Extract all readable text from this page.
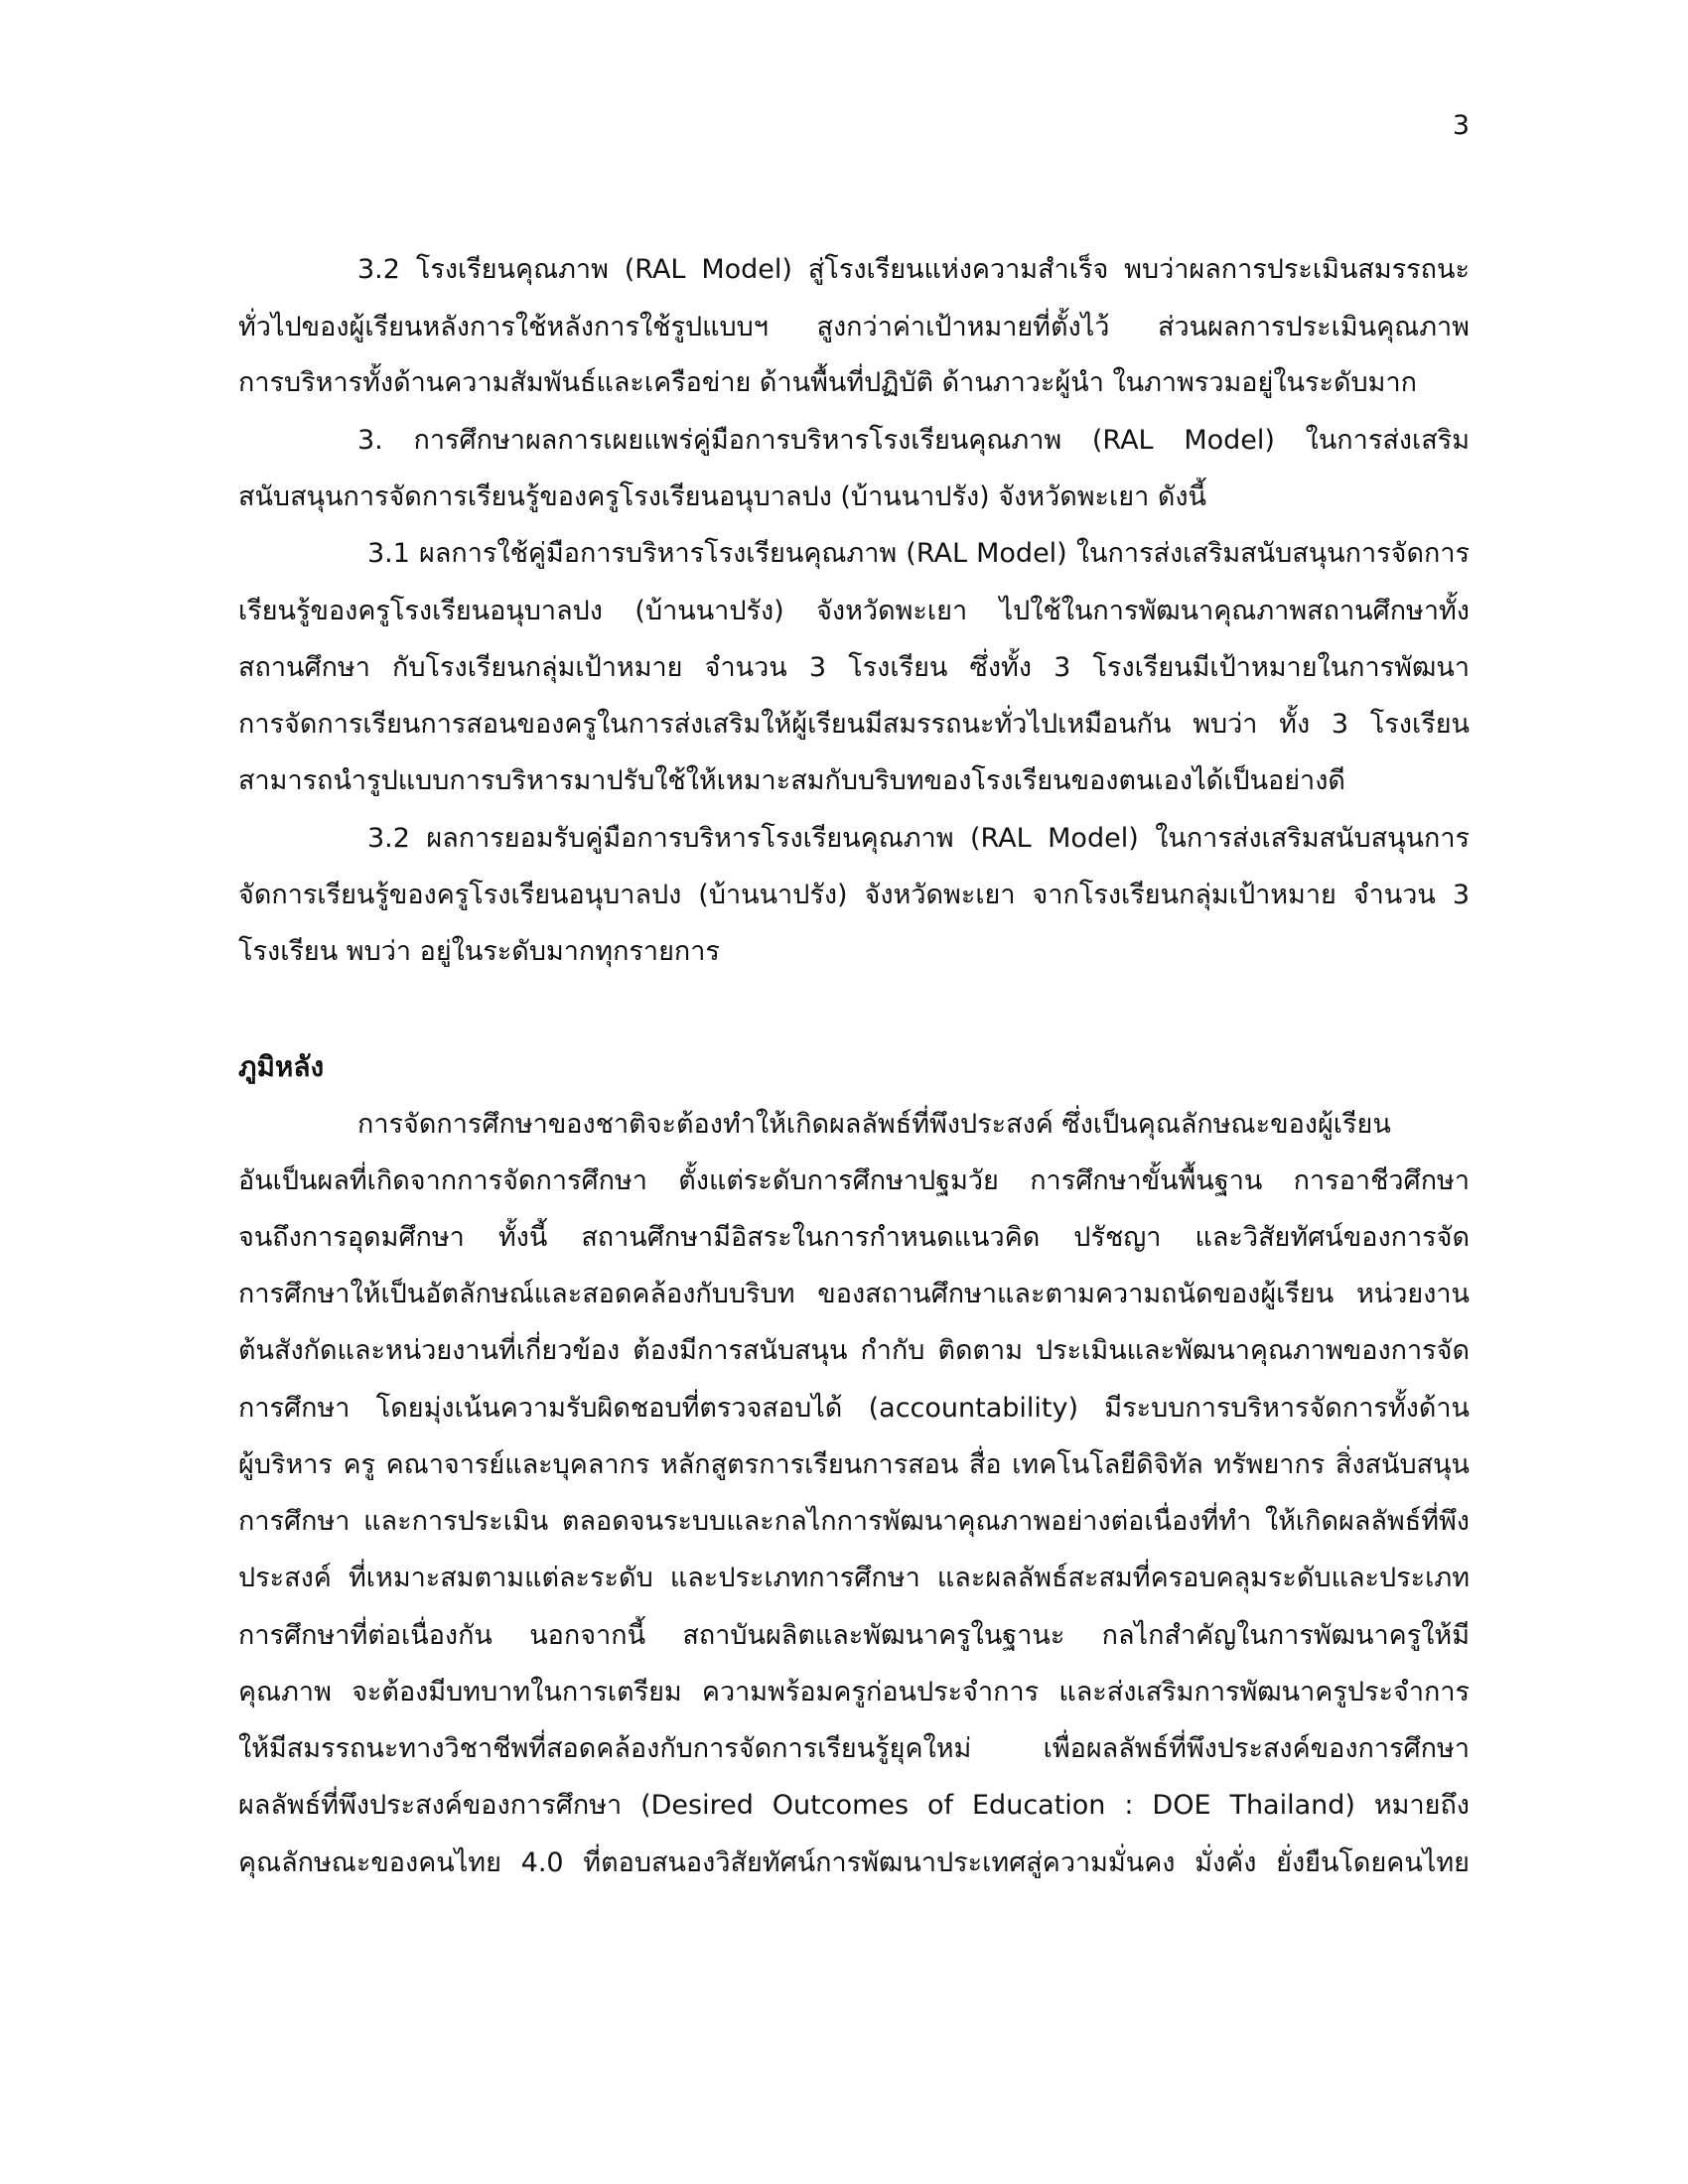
3
3.2 โรงเรียนคุณภาพ (RAL Model) สู่โรงเรียนแห่งความสำเร็จ พบว่าผลการประเมินสมรรถนะ
ทั่วไปของผู้เรียนหลังการใช้หลังการใช้รูปแบบฯ สูงกว่าค่าเป้าหมายที่ตั้งไว้ ส่วนผลการประเมินคุณภาพ
การบริหารทั้งด้านความสัมพันธ์และเครือข่าย ด้านพื้นที่ปฏิบัติ ด้านภาวะผู้นำ ในภาพรวมอยู่ในระดับมาก
3. การศึกษาผลการเผยแพร่คู่มือการบริหารโรงเรียนคุณภาพ (RAL Model) ในการส่งเสริม
สนับสนุนการจัดการเรียนรู้ของครูโรงเรียนอนุบาลปง (บ้านนาปรัง) จังหวัดพะเยา ดังนี้
3.1 ผลการใช้คู่มือการบริหารโรงเรียนคุณภาพ (RAL Model) ในการส่งเสริมสนับสนุนการจัดการ
เรียนรู้ของครูโรงเรียนอนุบาลปง (บ้านนาปรัง) จังหวัดพะเยา ไปใช้ในการพัฒนาคุณภาพสถานศึกษาทั้ง
สถานศึกษา กับโรงเรียนกลุ่มเป้าหมาย จำนวน 3 โรงเรียน ซึ่งทั้ง 3 โรงเรียนมีเป้าหมายในการพัฒนา
การจัดการเรียนการสอนของครูในการส่งเสริมให้ผู้เรียนมีสมรรถนะทั่วไปเหมือนกัน พบว่า ทั้ง 3 โรงเรียน
สามารถนำรูปแบบการบริหารมาปรับใช้ให้เหมาะสมกับบริบทของโรงเรียนของตนเองได้เป็นอย่างดี
3.2 ผลการยอมรับคู่มือการบริหารโรงเรียนคุณภาพ (RAL Model) ในการส่งเสริมสนับสนุนการ
จัดการเรียนรู้ของครูโรงเรียนอนุบาลปง (บ้านนาปรัง) จังหวัดพะเยา จากโรงเรียนกลุ่มเป้าหมาย จำนวน 3
โรงเรียน พบว่า อยู่ในระดับมากทุกรายการ
ภูมิหลัง
การจัดการศึกษาของชาติจะต้องทำให้เกิดผลลัพธ์ที่พึงประสงค์ ซึ่งเป็นคุณลักษณะของผู้เรียน
อันเป็นผลที่เกิดจากการจัดการศึกษา ตั้งแต่ระดับการศึกษาปฐมวัย การศึกษาขั้นพื้นฐาน การอาชีวศึกษา
จนถึงการอุดมศึกษา ทั้งนี้ สถานศึกษามีอิสระในการกำหนดแนวคิด ปรัชญา และวิสัยทัศน์ของการจัด
การศึกษาให้เป็นอัตลักษณ์และสอดคล้องกับบริบท ของสถานศึกษาและตามความถนัดของผู้เรียน หน่วยงาน
ต้นสังกัดและหน่วยงานที่เกี่ยวข้อง ต้องมีการสนับสนุน กำกับ ติดตาม ประเมินและพัฒนาคุณภาพของการจัด
การศึกษา โดยมุ่งเน้นความรับผิดชอบที่ตรวจสอบได้ (accountability) มีระบบการบริหารจัดการทั้งด้าน
ผู้บริหาร ครู คณาจารย์และบุคลากร หลักสูตรการเรียนการสอน สื่อ เทคโนโลยีดิจิทัล ทรัพยากร สิ่งสนับสนุน
การศึกษา และการประเมิน ตลอดจนระบบและกลไกการพัฒนาคุณภาพอย่างต่อเนื่องที่ทำ ให้เกิดผลลัพธ์ที่พึง
ประสงค์ ที่เหมาะสมตามแต่ละระดับ และประเภทการศึกษา และผลลัพธ์สะสมที่ครอบคลุมระดับและประเภท
การศึกษาที่ต่อเนื่องกัน นอกจากนี้ สถาบันผลิตและพัฒนาครูในฐานะ กลไกสำคัญในการพัฒนาครูให้มี
คุณภาพ จะต้องมีบทบาทในการเตรียม ความพร้อมครูก่อนประจำการ และส่งเสริมการพัฒนาครูประจำการ
ให้มีสมรรถนะทางวิชาชีพที่สอดคล้องกับการจัดการเรียนรู้ยุคใหม่ เพื่อผลลัพธ์ที่พึงประสงค์ของการศึกษา
ผลลัพธ์ที่พึงประสงค์ของการศึกษา (Desired Outcomes of Education : DOE Thailand) หมายถึง
คุณลักษณะของคนไทย 4.0 ที่ตอบสนองวิสัยทัศน์การพัฒนาประเทศสู่ความมั่นคง มั่งคั่ง ยั่งยืนโดยคนไทย
